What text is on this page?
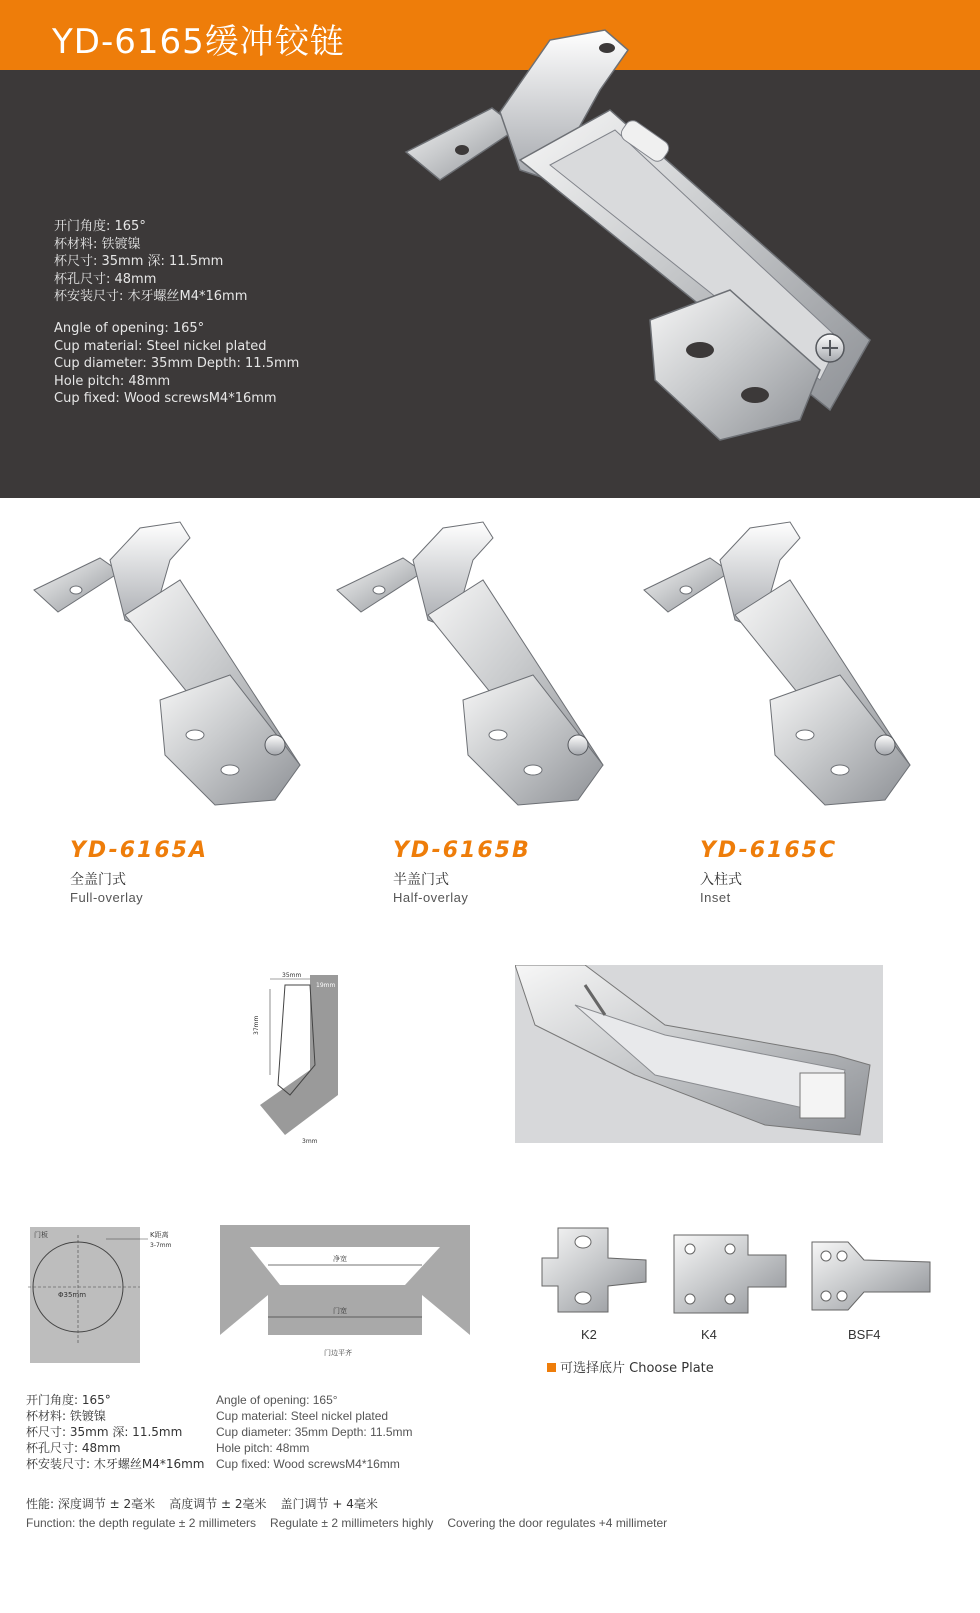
YD-6165缓冲铰链
开门角度: 165°
杯材料: 铁镀镍
杯尺寸: 35mm 深: 11.5mm
杯孔尺寸: 48mm
杯安装尺寸: 木牙螺丝M4*16mm
Angle of opening: 165°
Cup material: Steel nickel plated
Cup diameter: 35mm Depth: 11.5mm
Hole pitch: 48mm
Cup fixed: Wood screwsM4*16mm
YD-6165A
全盖门式
Full-overlay
YD-6165B
半盖门式
Half-overlay
YD-6165C
入柱式
Inset
35mm
19mm
37mm
3mm
门板	K距离
3-7mm
Φ35mm
净宽
门宽
门边平齐
K2	K4	BSF4
可选择底片 Choose Plate
开门角度: 165°
杯材料: 铁镀镍
杯尺寸: 35mm 深: 11.5mm
杯孔尺寸: 48mm
杯安装尺寸: 木牙螺丝M4*16mm
Angle of opening: 165°
Cup material: Steel nickel plated
Cup diameter: 35mm Depth: 11.5mm
Hole pitch: 48mm
Cup fixed: Wood screwsM4*16mm
性能: 深度调节 ± 2毫米 高度调节 ± 2毫米 盖门调节 + 4毫米
Function: the depth regulate ± 2 millimeters Regulate ± 2 millimeters highly Covering the door regulates +4 millimeter
